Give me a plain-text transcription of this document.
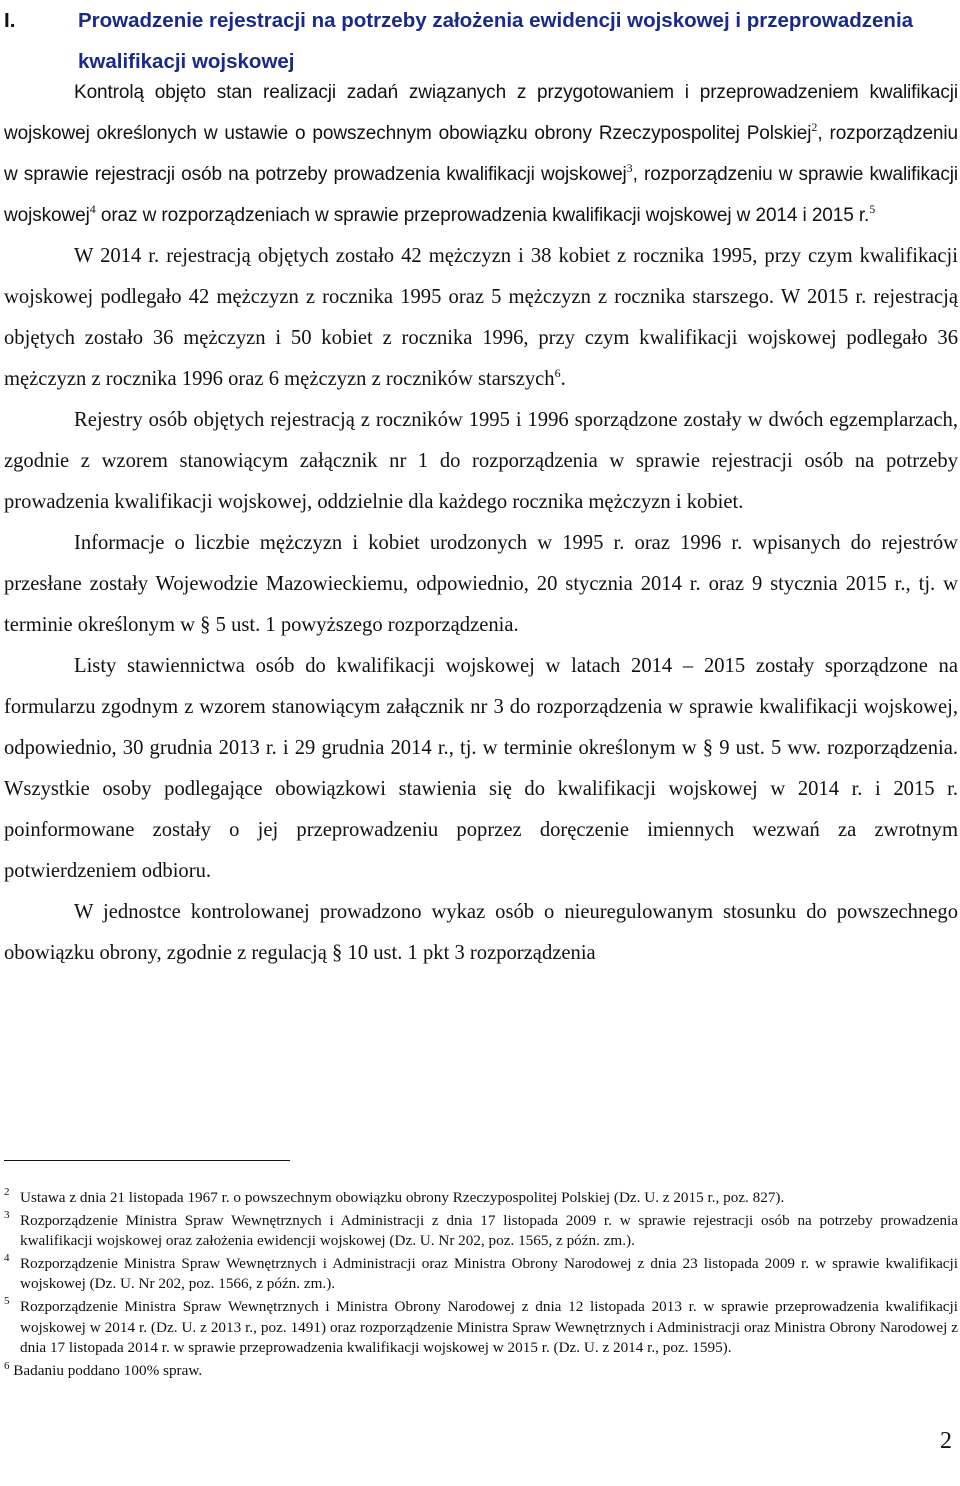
I.	Prowadzenie rejestracji na potrzeby założenia ewidencji wojskowej i przeprowadzenia kwalifikacji wojskowej

Kontrolą objęto stan realizacji zadań związanych z przygotowaniem i przeprowadzeniem kwalifikacji wojskowej określonych w ustawie o powszechnym obowiązku obrony Rzeczypospolitej Polskiej$^2$, rozporządzeniu w sprawie rejestracji osób na potrzeby prowadzenia kwalifikacji wojskowej$^3$, rozporządzeniu w sprawie kwalifikacji wojskowej$^4$ oraz w rozporządzeniach w sprawie przeprowadzenia kwalifikacji wojskowej w 2014 i 2015 r.$^5$

W 2014 r. rejestracją objętych zostało 42 mężczyzn i 38 kobiet z rocznika 1995, przy czym kwalifikacji wojskowej podlegało 42 mężczyzn z rocznika 1995 oraz 5 mężczyzn z rocznika starszego. W 2015 r. rejestracją objętych zostało 36 mężczyzn i 50 kobiet z rocznika 1996, przy czym kwalifikacji wojskowej podlegało 36 mężczyzn z rocznika 1996 oraz 6 mężczyzn z roczników starszych$^6$.

Rejestry osób objętych rejestracją z roczników 1995 i 1996 sporządzone zostały w dwóch egzemplarzach, zgodnie z wzorem stanowiącym załącznik nr 1 do rozporządzenia w sprawie rejestracji osób na potrzeby prowadzenia kwalifikacji wojskowej, oddzielnie dla każdego rocznika mężczyzn i kobiet.

Informacje o liczbie mężczyzn i kobiet urodzonych w 1995 r. oraz 1996 r. wpisanych do rejestrów przesłane zostały Wojewodzie Mazowieckiemu, odpowiednio, 20 stycznia 2014 r. oraz 9 stycznia 2015 r., tj. w terminie określonym w § 5 ust. 1 powyższego rozporządzenia.

Listy stawiennictwa osób do kwalifikacji wojskowej w latach 2014 – 2015 zostały sporządzone na formularzu zgodnym z wzorem stanowiącym załącznik nr 3 do rozporządzenia w sprawie kwalifikacji wojskowej, odpowiednio, 30 grudnia 2013 r. i 29 grudnia 2014 r., tj. w terminie określonym w § 9 ust. 5 ww. rozporządzenia. Wszystkie osoby podlegające obowiązkowi stawienia się do kwalifikacji wojskowej w 2014 r. i 2015 r. poinformowane zostały o jej przeprowadzeniu poprzez doręczenie imiennych wezwań za zwrotnym potwierdzeniem odbioru.

W jednostce kontrolowanej prowadzono wykaz osób o nieuregulowanym stosunku do powszechnego obowiązku obrony, zgodnie z regulacją § 10 ust. 1 pkt 3 rozporządzenia

2 Ustawa z dnia 21 listopada 1967 r. o powszechnym obowiązku obrony Rzeczypospolitej Polskiej (Dz. U. z 2015 r., poz. 827).
3 Rozporządzenie Ministra Spraw Wewnętrznych i Administracji z dnia 17 listopada 2009 r. w sprawie rejestracji osób na potrzeby prowadzenia kwalifikacji wojskowej oraz założenia ewidencji wojskowej (Dz. U. Nr 202, poz. 1565, z późn. zm.).
4 Rozporządzenie Ministra Spraw Wewnętrznych i Administracji oraz Ministra Obrony Narodowej z dnia 23 listopada 2009 r. w sprawie kwalifikacji wojskowej (Dz. U. Nr 202, poz. 1566, z późn. zm.).
5 Rozporządzenie Ministra Spraw Wewnętrznych i Ministra Obrony Narodowej z dnia 12 listopada 2013 r. w sprawie przeprowadzenia kwalifikacji wojskowej w 2014 r. (Dz. U. z 2013 r., poz. 1491) oraz rozporządzenie Ministra Spraw Wewnętrznych i Administracji oraz Ministra Obrony Narodowej z dnia 17 listopada 2014 r. w sprawie przeprowadzenia kwalifikacji wojskowej w 2015 r. (Dz. U. z 2014 r., poz. 1595).
$^6$ Badaniu poddano 100% spraw.
2
